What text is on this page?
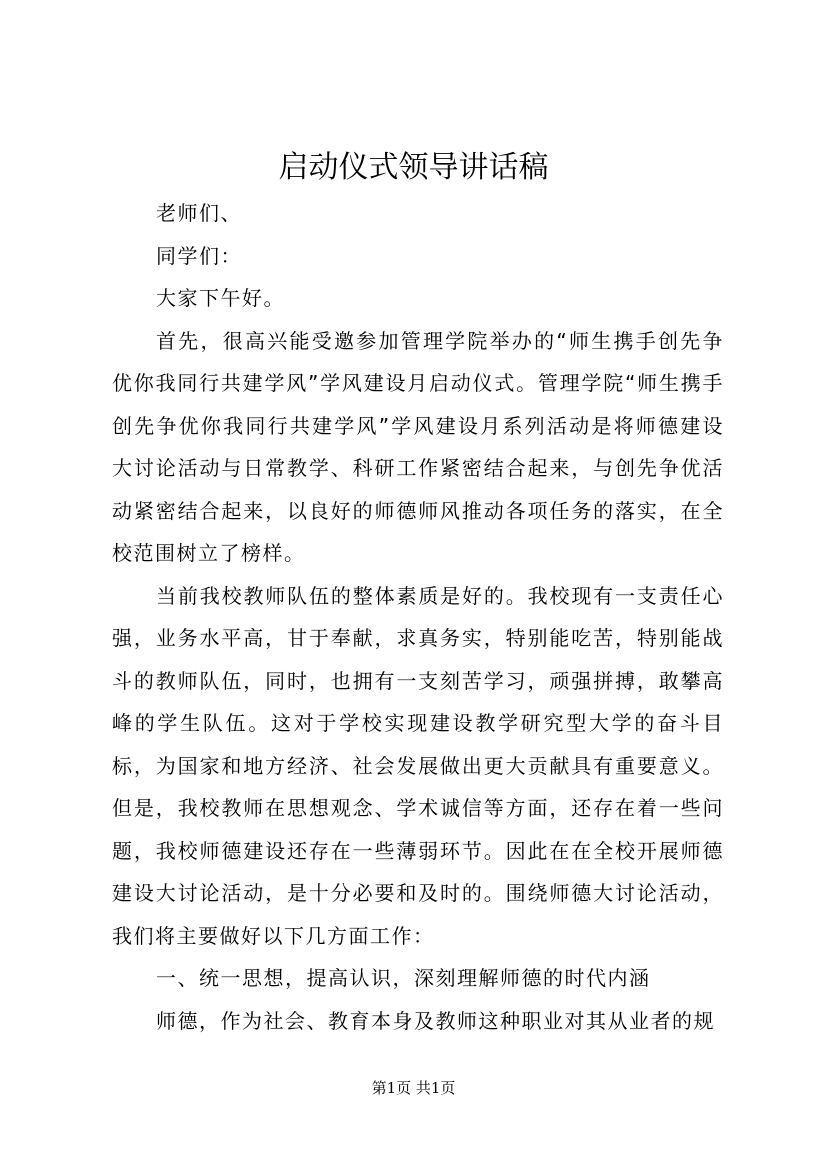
启动仪式领导讲话稿

老师们、

同学们：

大家下午好。

首先，很高兴能受邀参加管理学院举办的“师生携手创先争优你我同行共建学风”学风建设月启动仪式。管理学院“师生携手创先争优你我同行共建学风”学风建设月系列活动是将师德建设大讨论活动与日常教学、科研工作紧密结合起来，与创先争优活动紧密结合起来，以良好的师德师风推动各项任务的落实，在全校范围树立了榜样。

当前我校教师队伍的整体素质是好的。我校现有一支责任心强，业务水平高，甘于奉献，求真务实，特别能吃苦，特别能战斗的教师队伍，同时，也拥有一支刻苦学习，顽强拼搏，敢攀高峰的学生队伍。这对于学校实现建设教学研究型大学的奋斗目标，为国家和地方经济、社会发展做出更大贡献具有重要意义。但是，我校教师在思想观念、学术诚信等方面，还存在着一些问题，我校师德建设还存在一些薄弱环节。因此在在全校开展师德建设大讨论活动，是十分必要和及时的。围绕师德大讨论活动，我们将主要做好以下几方面工作：

一、统一思想，提高认识，深刻理解师德的时代内涵

师德，作为社会、教育本身及教师这种职业对其从业者的规

第1页 共1页
